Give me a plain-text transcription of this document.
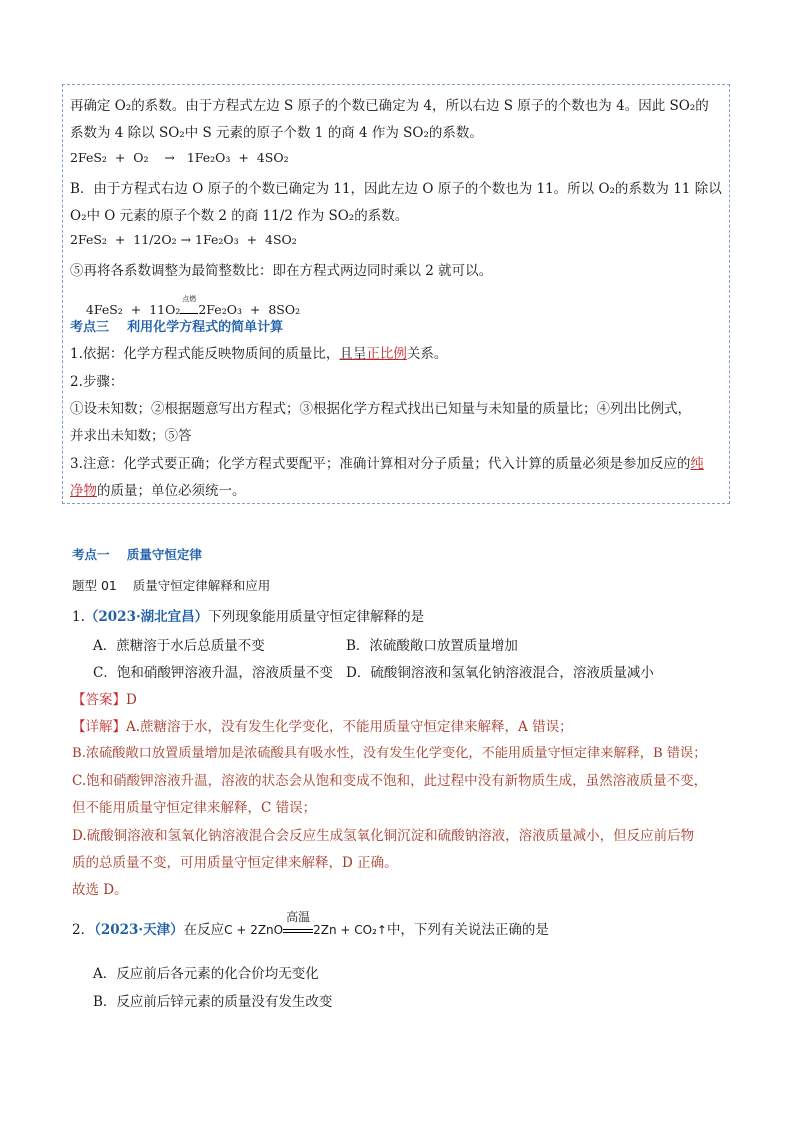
再确定 O₂的系数。由于方程式左边 S 原子的个数已确定为 4，所以右边 S 原子的个数也为 4。因此 SO₂的
系数为 4 除以 SO₂中 S 元素的原子个数 1 的商 4 作为 SO₂的系数。
2FeS₂  +  O₂    →   1Fe₂O₃  +  4SO₂
B．由于方程式右边 O 原子的个数已确定为 11，因此左边 O 原子的个数也为 11。所以 O₂的系数为 11 除以
O₂中 O 元素的原子个数 2 的商 11/2 作为 SO₂的系数。
2FeS₂  +  11/2O₂ → 1Fe₂O₃  +  4SO₂
⑤再将各系数调整为最简整数比：即在方程式两边同时乘以 2 就可以。

4FeS₂  +  11O₂
点燃
2Fe₂O₃  +  8SO₂

考点三    利用化学方程式的简单计算
1.依据：化学方程式能反映物质间的质量比，且呈正比例关系。
2.步骤：
①设未知数；②根据题意写出方程式；③根据化学方程式找出已知量与未知量的质量比；④列出比例式，
并求出未知数；⑤答
3.注意：化学式要正确；化学方程式要配平；准确计算相对分子质量；代入计算的质量必须是参加反应的纯
净物的质量；单位必须统一。
考点一    质量守恒定律
题型 01    质量守恒定律解释和应用
1.（2023·湖北宜昌）下列现象能用质量守恒定律解释的是
A．蔗糖溶于水后总质量不变	B．浓硫酸敞口放置质量增加
C．饱和硝酸钾溶液升温，溶液质量不变 D．硫酸铜溶液和氢氧化钠溶液混合，溶液质量减小
【答案】D
【详解】A.蔗糖溶于水，没有发生化学变化，不能用质量守恒定律来解释，A 错误；
B.浓硫酸敞口放置质量增加是浓硫酸具有吸水性，没有发生化学变化，不能用质量守恒定律来解释，B 错误；
C.饱和硝酸钾溶液升温，溶液的状态会从饱和变成不饱和，此过程中没有新物质生成，虽然溶液质量不变，
但不能用质量守恒定律来解释，C 错误；
D.硫酸铜溶液和氢氧化钠溶液混合会反应生成氢氧化铜沉淀和硫酸钠溶液，溶液质量减小，但反应前后物
质的总质量不变，可用质量守恒定律来解释，D 正确。
故选 D。
2．（2023·天津）在反应C + 2ZnO
高温
2Zn + CO₂↑中，下列有关说法正确的是
A．反应前后各元素的化合价均无变化
B．反应前后锌元素的质量没有发生改变
